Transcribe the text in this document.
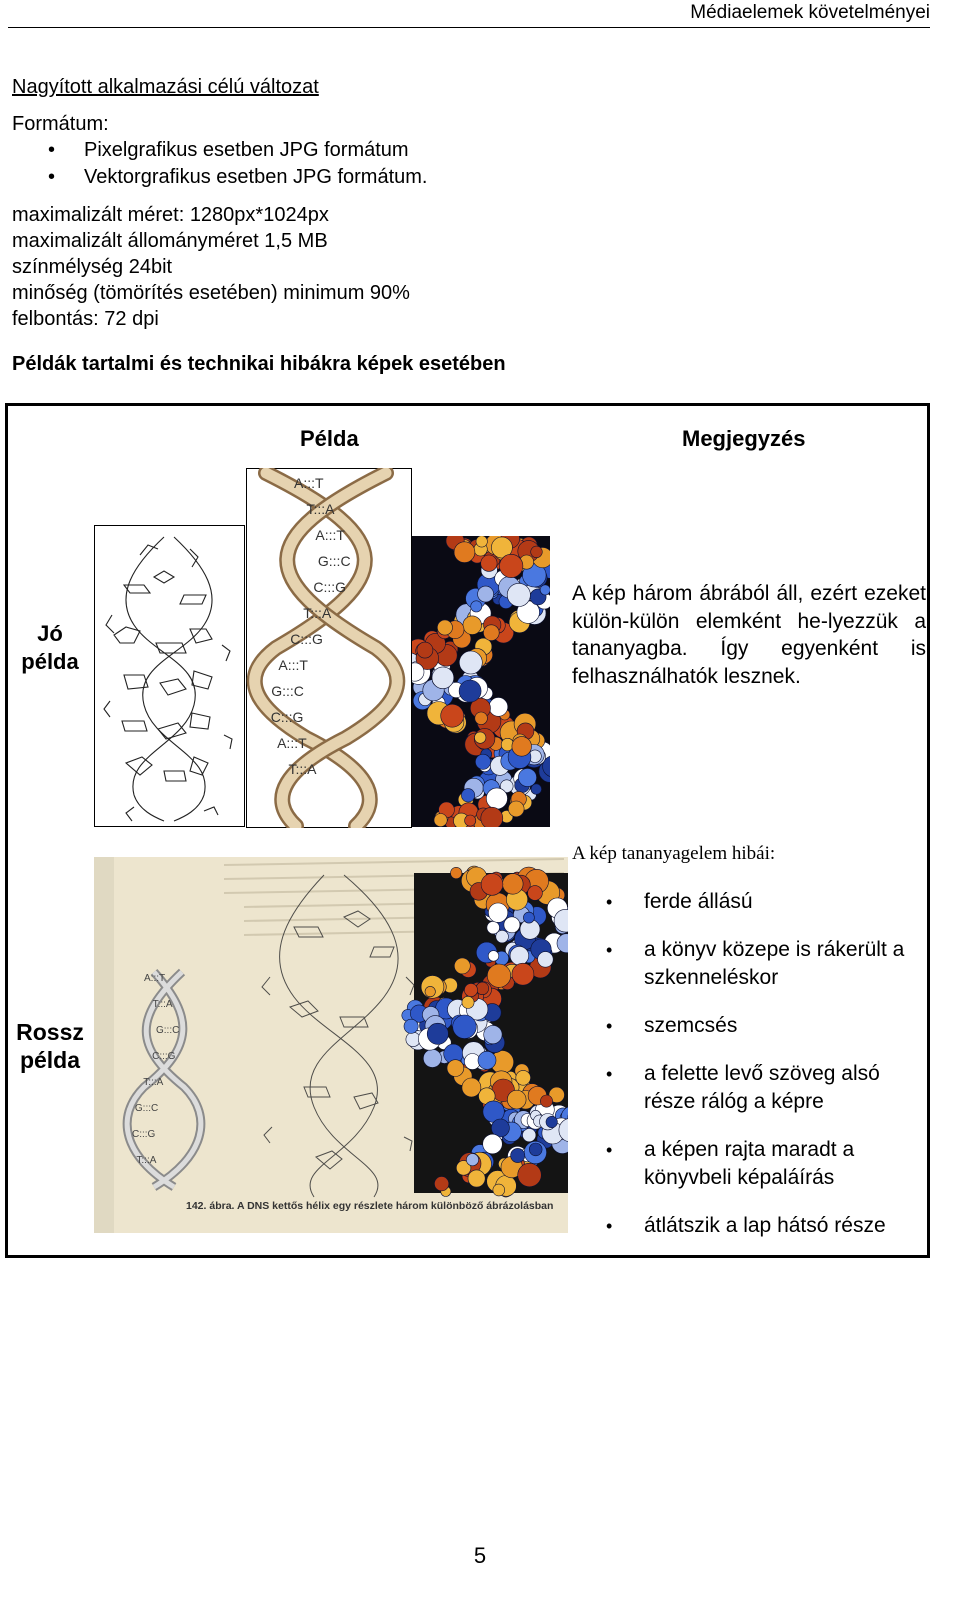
Médiaelemek követelményei
Nagyított alkalmazási célú változat
Formátum:
• Pixelgrafikus esetben JPG formátum
• Vektorgrafikus esetben JPG formátum.
maximalizált méret: 1280px*1024px
maximalizált állományméret 1,5 MB
színmélység 24bit
minőség (tömörítés esetében) minimum 90%
felbontás: 72 dpi
Példák tartalmi és technikai hibákra képek esetében
Példa	Megjegyzés
Jó példa
Rossz példa
A:::T
T:::A
A:::T
G:::C
C:::G
T:::A
C:::G
A:::T
G:::C
C:::G
A:::T
T:::A
A:::T
T:::A
G:::C
C:::G
T:::A
G:::C
C:::G
T:::A
142. ábra. A DNS kettős hélix egy részlete három különböző ábrázolásban
A kép három ábrából áll, ezért ezeket külön-külön elemként he-lyezzük a tananyagba. Így egyenként is felhasználhatók lesznek.
A kép tananyagelem hibái:
• ferde állású
• a könyv közepe is rákerült a szkenneléskor
• szemcsés
• a felette levő szöveg alsó része rálóg a képre
• a képen rajta maradt a könyvbeli képaláírás
• átlátszik a lap hátsó része
5
